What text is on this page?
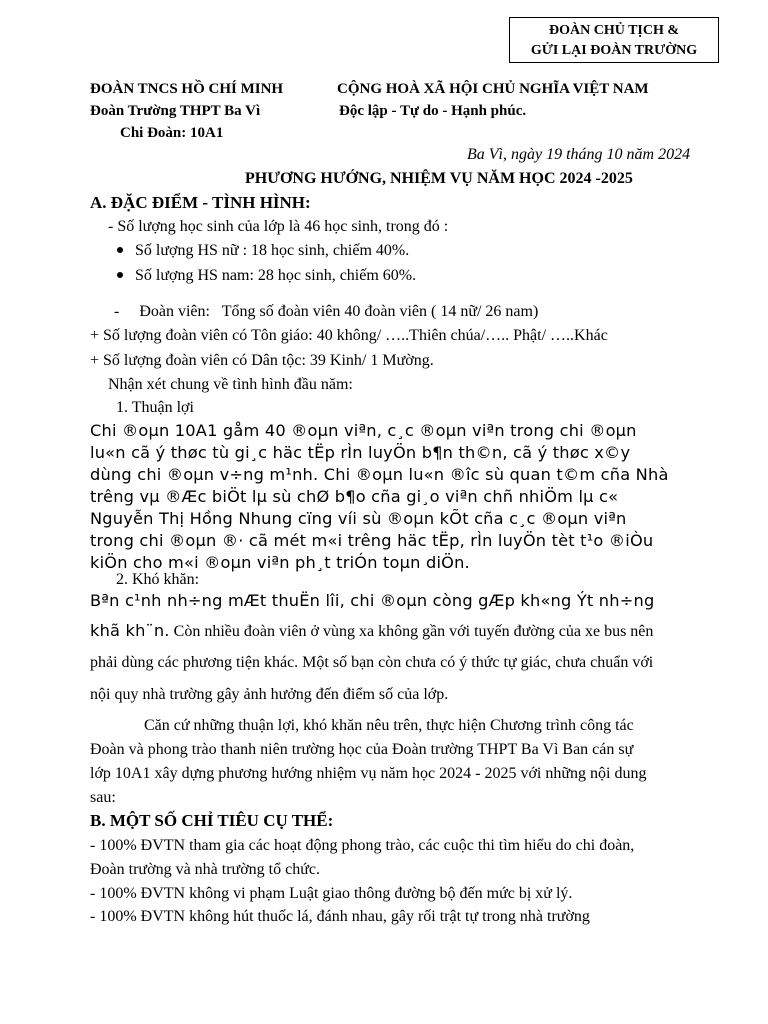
ĐOÀN CHỦ TỊCH &
GỬI LẠI ĐOÀN TRƯỜNG
ĐOÀN TNCS HỒ CHÍ MINH
Đoàn Trường THPT Ba Vì
Chi Đoàn: 10A1
CỘNG HOÀ XÃ HỘI CHỦ NGHĨA VIỆT NAM
Độc lập - Tự do - Hạnh phúc.
Ba Vì, ngày 19 tháng 10 năm 2024
PHƯƠNG HƯỚNG, NHIỆM VỤ NĂM HỌC 2024 -2025
A. ĐẶC ĐIỂM - TÌNH HÌNH:
- Số lượng học sinh của lớp là 46 học sinh, trong đó :
Số lượng HS nữ : 18 học sinh, chiếm 40%.
Số lượng HS nam: 28 học sinh, chiếm 60%.
-     Đoàn viên:   Tổng số đoàn viên 40 đoàn viên ( 14 nữ/ 26 nam)
+ Số lượng đoàn viên có Tôn giáo: 40 không/ …..Thiên chúa/….. Phật/ …..Khác
+ Số lượng đoàn viên có Dân tộc: 39 Kinh/ 1 Mường.
Nhận xét chung về tình hình đầu năm:
1. Thuận lợi
Chi ®oµn 10A1 gåm 40 ®oµn viªn, c¸c ®oµn viªn trong chi ®oµn
lu«n cã ý thøc tù gi¸c häc tËp rÌn luyÖn b¶n th©n, cã ý thøc x©y
dùng chi ®oµn v÷ng m¹nh. Chi ®oµn lu«n ®îc sù quan t©m cña Nhà
trêng vµ ®Æc biÖt lµ sù chØ b¶o cña gi¸o viªn chñ nhiÖm lµ c«
Nguyễn Thị Hồng Nhung cïng víi sù ®oµn kÕt cña c¸c ®oµn viªn
trong chi ®oµn ®· cã mét m«i trêng häc tËp, rÌn luyÖn tèt t¹o ®iÒu
kiÖn cho m«i ®oµn viªn ph¸t triÓn toµn diÖn.
2. Khó khăn:
Bªn c¹nh nh÷ng mÆt thuËn lîi, chi ®oµn còng gÆp kh«ng Ýt nh÷ng
khã kh¨n. Còn nhiều đoàn viên ở vùng xa không gần với tuyến đường của xe bus nên
phải dùng các phương tiện khác. Một số bạn còn chưa có ý thức tự giác, chưa chuẩn với
nội quy nhà trường gây ảnh hưởng đến điểm số của lớp.
Căn cứ những thuận lợi, khó khăn nêu trên, thực hiện Chương trình công tác
Đoàn và phong trào thanh niên trường học của Đoàn trường THPT Ba Vì Ban cán sự
lớp 10A1 xây dựng phương hướng nhiệm vụ năm học 2024 - 2025 với những nội dung
sau:
B. MỘT SỐ CHỈ TIÊU CỤ THỂ:
- 100% ĐVTN tham gia các hoạt động phong trào, các cuộc thi tìm hiểu do chi đoàn,
Đoàn trường và nhà trường tổ chức.
- 100% ĐVTN không vi phạm Luật giao thông đường bộ đến mức bị xử lý.
- 100% ĐVTN không hút thuốc lá, đánh nhau, gây rối trật tự trong nhà trường
